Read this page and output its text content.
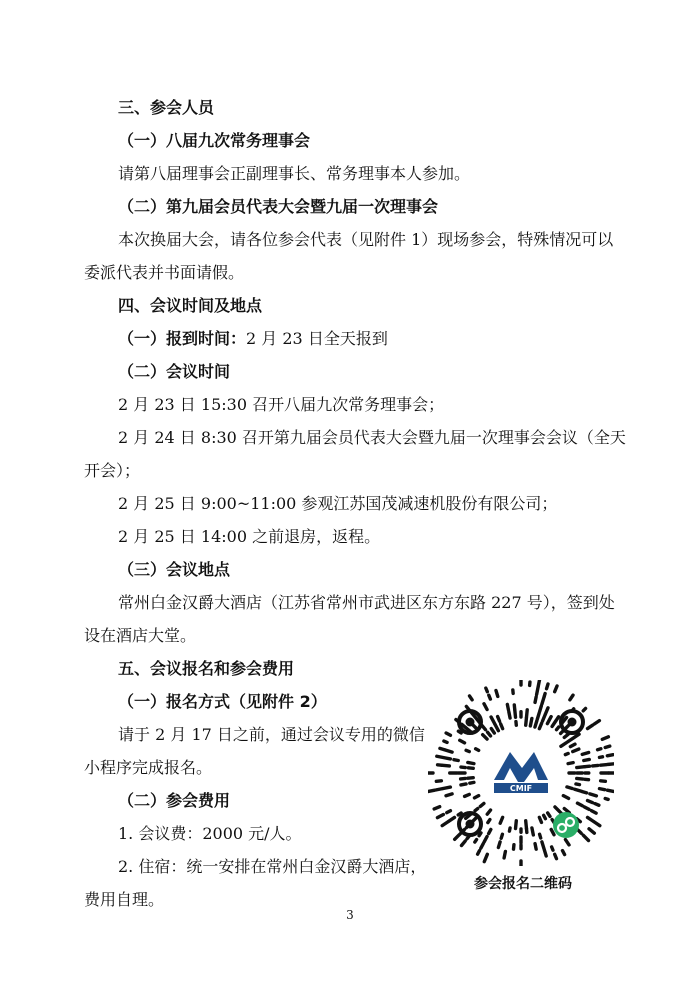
三、参会人员
（一）八届九次常务理事会
请第八届理事会正副理事长、常务理事本人参加。
（二）第九届会员代表大会暨九届一次理事会
本次换届大会，请各位参会代表（见附件 1）现场参会，特殊情况可以
委派代表并书面请假。
四、会议时间及地点
（一）报到时间：2 月 23 日全天报到
（二）会议时间
2 月 23 日 15:30 召开八届九次常务理事会；
2 月 24 日 8:30 召开第九届会员代表大会暨九届一次理事会会议（全天
开会）；
2 月 25 日 9:00~11:00 参观江苏国茂减速机股份有限公司；
2 月 25 日 14:00 之前退房，返程。
（三）会议地点
常州白金汉爵大酒店（江苏省常州市武进区东方东路 227 号），签到处
设在酒店大堂。
五、会议报名和参会费用
（一）报名方式（见附件 2）
请于 2 月 17 日之前，通过会议专用的微信
小程序完成报名。
（二）参会费用
1. 会议费：2000 元/人。
2. 住宿：统一安排在常州白金汉爵大酒店，
费用自理。
CMIF
参会报名二维码
3
